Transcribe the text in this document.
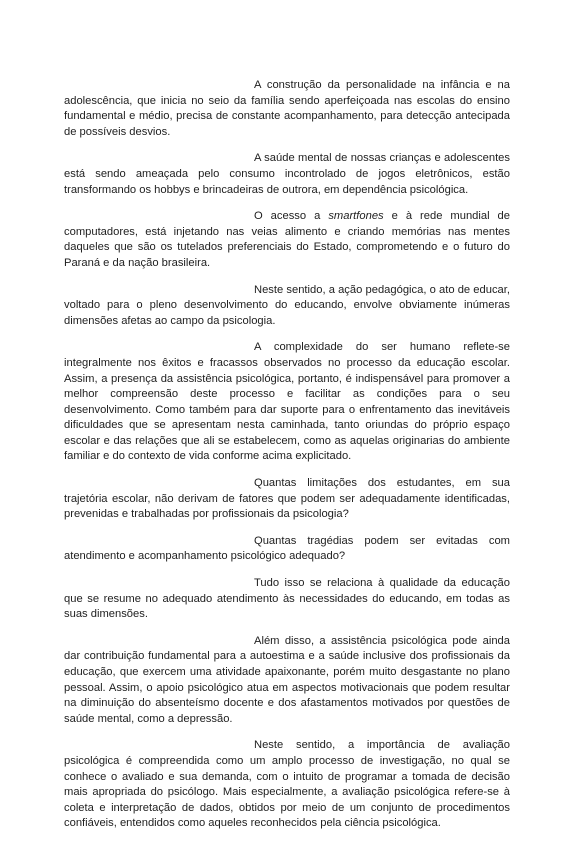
A construção da personalidade na infância e na adolescência, que inicia no seio da família sendo aperfeiçoada nas escolas do ensino fundamental e médio, precisa de constante acompanhamento, para detecção antecipada de possíveis desvios.

A saúde mental de nossas crianças e adolescentes está sendo ameaçada pelo consumo incontrolado de jogos eletrônicos, estão transformando os hobbys e brincadeiras de outrora, em dependência psicológica.

O acesso a smartfones e à rede mundial de computadores, está injetando nas veias alimento e criando memórias nas mentes daqueles que são os tutelados preferenciais do Estado, comprometendo e o futuro do Paraná e da nação brasileira.

Neste sentido, a ação pedagógica, o ato de educar, voltado para o pleno desenvolvimento do educando, envolve obviamente inúmeras dimensões afetas ao campo da psicologia.

A complexidade do ser humano reflete-se integralmente nos êxitos e fracassos observados no processo da educação escolar. Assim, a presença da assistência psicológica, portanto, é indispensável para promover a melhor compreensão deste processo e facilitar as condições para o seu desenvolvimento. Como também para dar suporte para o enfrentamento das inevitáveis dificuldades que se apresentam nesta caminhada, tanto oriundas do próprio espaço escolar e das relações que ali se estabelecem, como as aquelas originarias do ambiente familiar e do contexto de vida conforme acima explicitado.

Quantas limitações dos estudantes, em sua trajetória escolar, não derivam de fatores que podem ser adequadamente identificadas, prevenidas e trabalhadas por profissionais da psicologia?

Quantas tragédias podem ser evitadas com atendimento e acompanhamento psicológico adequado?

Tudo isso se relaciona à qualidade da educação que se resume no adequado atendimento às necessidades do educando, em todas as suas dimensões.

Além disso, a assistência psicológica pode ainda dar contribuição fundamental para a autoestima e a saúde inclusive dos profissionais da educação, que exercem uma atividade apaixonante, porém muito desgastante no plano pessoal. Assim, o apoio psicológico atua em aspectos motivacionais que podem resultar na diminuição do absenteísmo docente e dos afastamentos motivados por questões de saúde mental, como a depressão.

Neste sentido, a importância de avaliação psicológica é compreendida como um amplo processo de investigação, no qual se conhece o avaliado e sua demanda, com o intuito de programar a tomada de decisão mais apropriada do psicólogo. Mais especialmente, a avaliação psicológica refere-se à coleta e interpretação de dados, obtidos por meio de um conjunto de procedimentos confiáveis, entendidos como aqueles reconhecidos pela ciência psicológica.
